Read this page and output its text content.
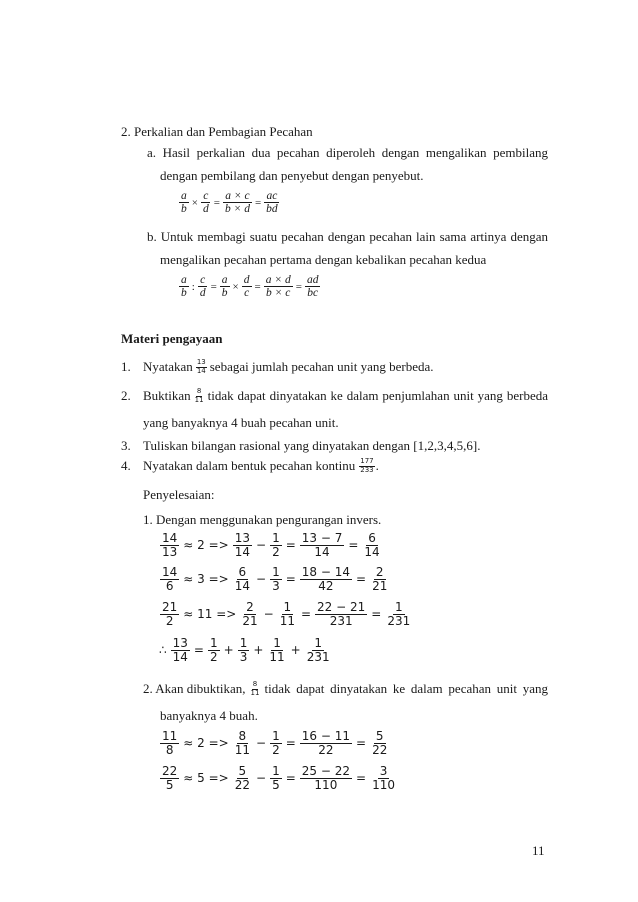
2. Perkalian dan Pembagian Pecahan
a. Hasil perkalian dua pecahan diperoleh dengan mengalikan pembilang
dengan pembilang dan penyebut dengan penyebut.
$\frac{a}{b} \times \frac{c}{d} = \frac{a \times c}{b \times d} = \frac{ac}{bd}$
b. Untuk membagi suatu pecahan dengan pecahan lain sama artinya dengan
mengalikan pecahan pertama dengan kebalikan pecahan kedua
$\frac{a}{b}$ : $\frac{c}{d} = \frac{a}{b} \times \frac{d}{c} = \frac{a \times d}{b \times c} = \frac{ad}{bc}$
Materi pengayaan
1. Nyatakan $\frac{13}{14}$ sebagai jumlah pecahan unit yang berbeda.
2. Buktikan $\frac{8}{11}$ tidak dapat dinyatakan ke dalam penjumlahan unit yang berbeda
yang banyaknya 4 buah pecahan unit.
3. Tuliskan bilangan rasional yang dinyatakan dengan [1,2,3,4,5,6].
4. Nyatakan dalam bentuk pecahan kontinu $\frac{177}{233}$ .
Penyelesaian:
1. Dengan menggunakan pengurangan invers.
$\frac{14}{13} \approx 2 => \frac{13}{14} - \frac{1}{2} = \frac{13 - 7}{14} = \frac{6}{14}$
$\frac{14}{6} \approx 3 => \frac{6}{14} - \frac{1}{3} = \frac{18 - 14}{42} = \frac{2}{21}$
$\frac{21}{2} \approx 11 => \frac{2}{21} - \frac{1}{11} = \frac{22 - 21}{231} = \frac{1}{231}$
∴ $\frac{13}{14} = \frac{1}{2} + \frac{1}{3} + \frac{1}{11} + \frac{1}{231}$
2. Akan dibuktikan, $\frac{8}{11}$ tidak dapat dinyatakan ke dalam pecahan unit yang
banyaknya 4 buah.
$\frac{11}{8} \approx 2 => \frac{8}{11} - \frac{1}{2} = \frac{16 - 11}{22} = \frac{5}{22}$
$\frac{22}{5} \approx 5 => \frac{5}{22} - \frac{1}{5} = \frac{25 - 22}{110} = \frac{3}{110}$
11
